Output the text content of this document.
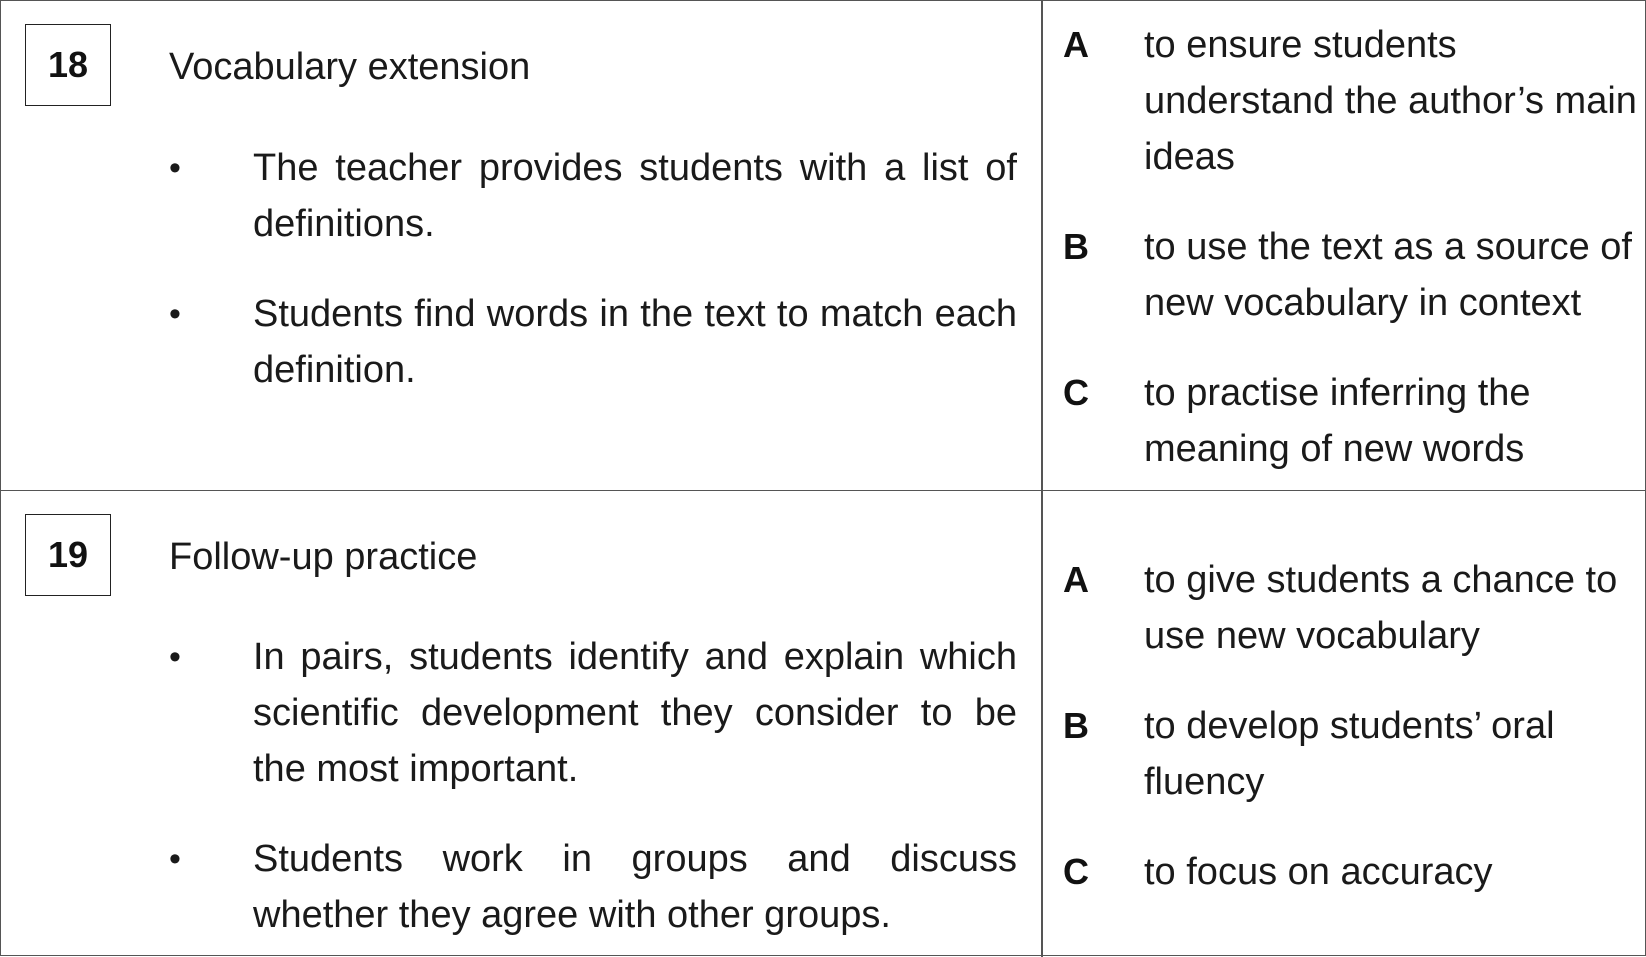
18	Vocabulary extension
• The teacher provides students with a list of definitions.
• Students find words in the text to match each definition.
A to ensure students understand the author’s main ideas
B to use the text as a source of new vocabulary in context
C to practise inferring the meaning of new words
19	Follow-up practice
• In pairs, students identify and explain which scientific development they consider to be the most important.
• Students work in groups and discuss whether they agree with other groups.
A to give students a chance to use new vocabulary
B to develop students’ oral fluency
C to focus on accuracy
